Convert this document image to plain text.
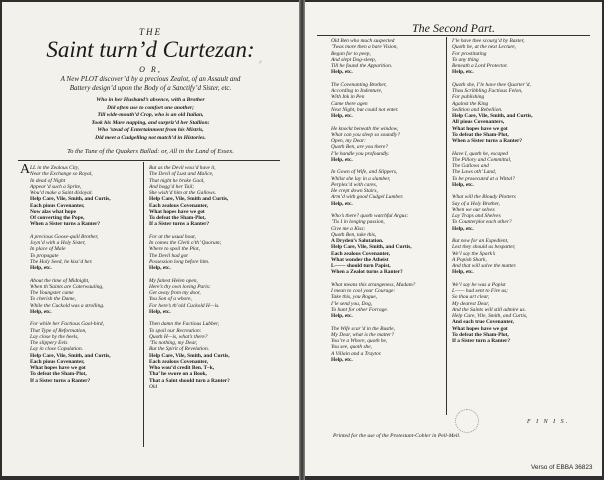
THE
Saint turn’d Curtezan:
♂
O R,
A New PLOT discover’d by a precious Zealot, of an Assault and
Battery design’d upon the Body of a Sanctify’d Sister, etc.
Who in her Husband’s absence, with a Brother
Did often use to comfort one another;
Till wide-mouth’d Crop, who is an old Italian,
Took his Mare napping, and surpriz’d her Stallion:
Who ’stead of Entertainment from his Mistris,
Did meet a Cudgelling not match’d in Histories.
To the Tune of the Quakers Ballad: or, All in the Land of Essex.
A LL in the Zealous City,
Near the Exchange so Royal,
In dead of Night
Appear’d such a Sprite,
Wou’d make a Saint disloyal.
Help Care, Vile, Smith, and Curtis,
Each pious Covenanter,
Now alas what hope
Of converting the Pope,
When a Sister turns a Ranter?
A precious Goose-quill Brother,
Joyn’d with a Holy Sister,
In place of Male
To propagate
The Holy Seed, he kiss’d her.
Help, etc.
About the time of Midnight,
When th’Saints are Caterwauling,
The Youngster came
To cherish the Dame,
While the Cuckold was a strolling.
Help, etc.
For while her Factious Gaol-bird,
That Type of Reformation,
Lay close by the heels,
The slippery Eels
Lay in close Copulation.
Help Care, Vile, Smith, and Curtis,
Each pious Covenanter,
What hopes have we got
To defeat the Sham-Plot,
If a Sister turns a Ranter?
But as the Devil wou’d have it,
The Devil of Lust and Malice,
That night he broke Gaol,
And bogg’d her Tail;
She wish’d him at the Gallows.
Help Care, Vile, Smith and Curtis,
Each zealous Covenanter,
What hopes have we got
To defeat the Sham-Plot,
If a Sister turns a Ranter?
For at the usual hour,
In comes the Clerk o’th’ Quorum;
Where to spoil the Plot,
The Devil had got
Possession long before him.
Help, etc.
My faitest Helen open,
Here’s thy own loving Paris:
Get away from my door,
You Son of a whore,
For here’s th’old Cuckold H—is.
Help, etc.
Then damn the Factious Lubber,
To spoil our Recreation:
Quoth H—is, what’s there?
’Tis nothing, my Dear,
But the Spirit of Revelation.
Help Care, Vile, Smith, and Curtis,
Each zealous Covenanter,
Who wou’d credit Ben. T–k,
Tha’ he swore on a Book,
That a Saint should turn a Ranter?
Old
The Second Part.
Old Ben who much suspected
’Twas more then a bare Vision,
Began for to peep,
And slept Dog-sleep,
Till he found the Apparition.
Help, etc.
The Covenanting Brother,
According to Indenture,
With Ink in Pen
Came there agen
Next Night, but could not enter.
Help, etc.
He knockt beneath the window,
What can you sleep so soundly?
Open, my Dear:
Quoth Ben, are you there?
I’le handle you profoundly.
Help, etc.
In Gown of Wife, and Slippers,
Whilst she lay in a slumber,
Perplex’d with cares,
He crept down Stairs,
Arm’d with good Cudgel Lumber.
Help, etc.
Who’s there? quoth watchful Argus:
’Tis I in longing passion,
Give me a Kiss:
Quoth Ben, take this,
A Dryden’s Salutation.
Help Care, Vile, Smith, and Curtis,
Each zealous Covenanter,
What wonder the Atheist
L—— should turn Papist,
When a Zealot turns a Ranter?
What means this strangeness, Madam?
I mean to cool your Courage:
Take this, you Rogue,
I’le send you, Dog,
To hunt for other Forrage.
Help, etc.
The Wife scar’d in the Bustle,
My Dear, what is the matter?
You’re a Whore, quoth he,
You see, quoth she,
A Villain and a Traytor.
Help, etc.
I’le have thee scourg’d by Baxter,
Quoth he, at the next Lecture,
For prostituting
To any thing
Beneath a Lord Protector.
Help, etc.
Quoth she, I’le have thee Quarter’d,
Thou Scribbling Factious Felon,
For publishing
Against the King
Sedition and Rebellion.
Help Care, Vile, Smith, and Curtis,
All pious Covenanters,
What hopes have we got
To defeat the Sham-Plot,
When a Sister turns a Ranter?
Have I, quoth he, escaped
The Pillory and Committal,
The Gallows and
The Laws oth’ Land,
To be prosecuted at a Wittal?
Help, etc.
What will the Bloudy Plotters
Say of a Holy Brother,
When we our selves
Lay Traps and Shelves
To Counterplot each other?
Help, etc.
But now for an Expedient,
Lest they should us bespatter,
We’l say the Spark’s
A Popish Shark,
And that will salve the matter.
Help, etc.
We’l say he was a Papist
L—— had sent to Fire us;
So thou art clear,
My dearest Dear,
And the Saints will still admire us.
Help Care, Vile, Smith, and Curtis,
And each true Covenanter,
What hopes have we got
To defeat the Sham-Plot,
If a Sister turn a Ranter?
F I N I S.
Printed for the use of the Protestant-Cobler in Pell-Mell.
Verso of EBBA 36823
